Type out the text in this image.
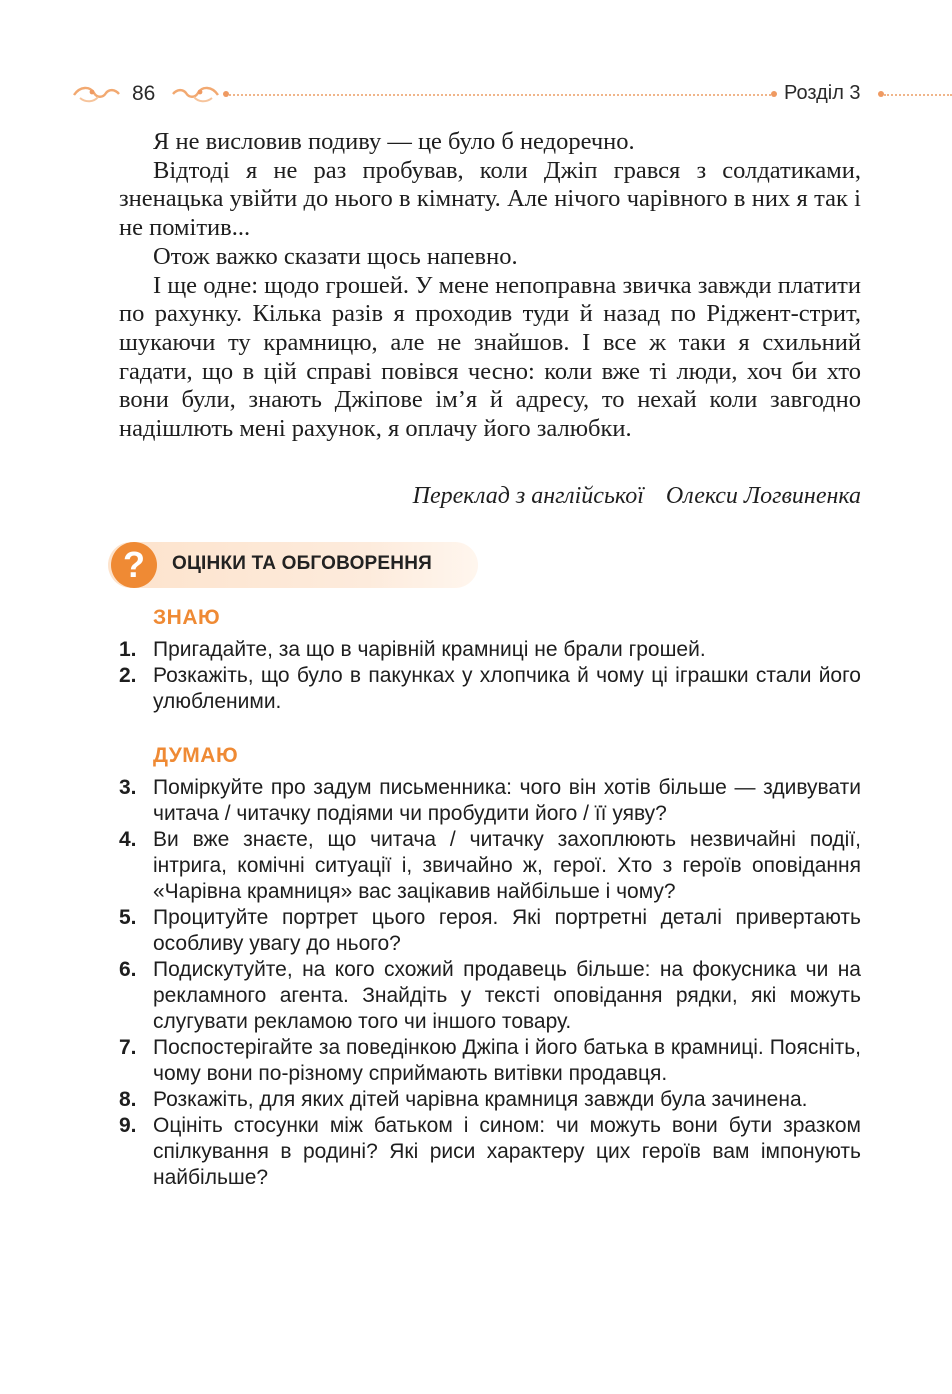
86	Розділ 3

Я не висловив подиву — це було б недоречно.

Відтоді я не раз пробував, коли Джіп грався з солдатиками, зненацька увійти до нього в кімнату. Але нічого чарівного в них я так і не помітив...

Отож важко сказати щось напевно.

І ще одне: щодо грошей. У мене непоправна звичка завжди платити по рахунку. Кілька разів я проходив туди й назад по Ріджент-стрит, шукаючи ту крамницю, але не знайшов. І все ж таки я схильний гадати, що в цій справі повівся чесно: коли вже ті люди, хоч би хто вони були, знають Джіпове ім’я й адресу, то нехай коли завгодно надішлють мені рахунок, я оплачу його залюбки.

Переклад з англійської Олекси Логвиненка
?	ОЦІНКИ ТА ОБГОВОРЕННЯ
ЗНАЮ
1. Пригадайте, за що в чарівній крамниці не брали грошей.
2. Розкажіть, що було в пакунках у хлопчика й чому ці іграшки стали його улюбленими.
ДУМАЮ
3. Поміркуйте про задум письменника: чого він хотів більше — здивувати читача / читачку подіями чи пробудити його / її уяву?
4. Ви вже знаєте, що читача / читачку захоплюють незвичайні події, інтрига, комічні ситуації і, звичайно ж, герої. Хто з героїв оповідання «Чарівна крамниця» вас зацікавив найбільше і чому?
5. Процитуйте портрет цього героя. Які портретні деталі привертають особливу увагу до нього?
6. Подискутуйте, на кого схожий продавець більше: на фокусника чи на рекламного агента. Знайдіть у тексті оповідання рядки, які можуть слугувати рекламою того чи іншого товару.
7. Поспостерігайте за поведінкою Джіпа і його батька в крамниці. Поясніть, чому вони по-різному сприймають витівки продавця.
8. Розкажіть, для яких дітей чарівна крамниця завжди була зачинена.
9. Оцініть стосунки між батьком і сином: чи можуть вони бути зразком спілкування в родині? Які риси характеру цих героїв вам імпонують найбільше?
